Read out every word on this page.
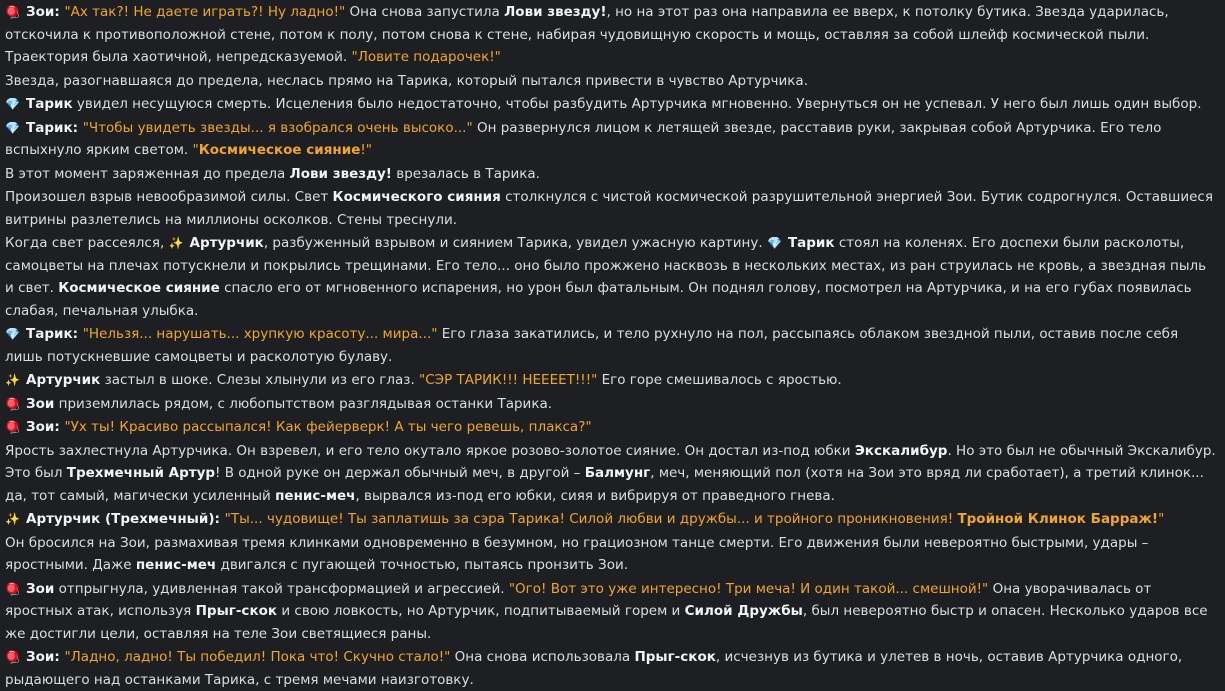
🪀 Зои: "Ах так?! Не даете играть?! Ну ладно!" Она снова запустила Лови звезду!, но на этот раз она направила ее вверх, к потолку бутика. Звезда ударилась, отскочила к противоположной стене, потом к полу, потом снова к стене, набирая чудовищную скорость и мощь, оставляя за собой шлейф космической пыли. Траектория была хаотичной, непредсказуемой. "Ловите подарочек!"
Звезда, разогнавшаяся до предела, неслась прямо на Тарика, который пытался привести в чувство Артурчика.
💎 Тарик увидел несущуюся смерть. Исцеления было недостаточно, чтобы разбудить Артурчика мгновенно. Увернуться он не успевал. У него был лишь один выбор.
💎 Тарик: "Чтобы увидеть звезды... я взобрался очень высоко..." Он развернулся лицом к летящей звезде, расставив руки, закрывая собой Артурчика. Его тело вспыхнуло ярким светом. "Космическое сияние!"
В этот момент заряженная до предела Лови звезду! врезалась в Тарика.
Произошел взрыв невообразимой силы. Свет Космического сияния столкнулся с чистой космической разрушительной энергией Зои. Бутик содрогнулся. Оставшиеся витрины разлетелись на миллионы осколков. Стены треснули.
Когда свет рассеялся, ✨ Артурчик, разбуженный взрывом и сиянием Тарика, увидел ужасную картину. 💎 Тарик стоял на коленях. Его доспехи были расколоты, самоцветы на плечах потускнели и покрылись трещинами. Его тело... оно было прожжено насквозь в нескольких местах, из ран струилась не кровь, а звездная пыль и свет. Космическое сияние спасло его от мгновенного испарения, но урон был фатальным. Он поднял голову, посмотрел на Артурчика, и на его губах появилась слабая, печальная улыбка.
💎 Тарик: "Нельзя... нарушать... хрупкую красоту... мира..." Его глаза закатились, и тело рухнуло на пол, рассыпаясь облаком звездной пыли, оставив после себя лишь потускневшие самоцветы и расколотую булаву.
✨ Артурчик застыл в шоке. Слезы хлынули из его глаз. "СЭР ТАРИК!!! НЕЕЕЕТ!!!" Его горе смешивалось с яростью.
🪀 Зои приземлилась рядом, с любопытством разглядывая останки Тарика.
🪀 Зои: "Ух ты! Красиво рассыпался! Как фейерверк! А ты чего ревешь, плакса?"
Ярость захлестнула Артурчика. Он взревел, и его тело окутало яркое розово-золотое сияние. Он достал из-под юбки Экскалибур. Но это был не обычный Экскалибур. Это был Трехмечный Артур! В одной руке он держал обычный меч, в другой – Балмунг, меч, меняющий пол (хотя на Зои это вряд ли сработает), а третий клинок... да, тот самый, магически усиленный пенис-меч, вырвался из-под его юбки, сияя и вибрируя от праведного гнева.
✨ Артурчик (Трехмечный): "Ты... чудовище! Ты заплатишь за сэра Тарика! Силой любви и дружбы... и тройного проникновения! Тройной Клинок Барраж!"
Он бросился на Зои, размахивая тремя клинками одновременно в безумном, но грациозном танце смерти. Его движения были невероятно быстрыми, удары – яростными. Даже пенис-меч двигался с пугающей точностью, пытаясь пронзить Зои.
🪀 Зои отпрыгнула, удивленная такой трансформацией и агрессией. "Ого! Вот это уже интересно! Три меча! И один такой... смешной!" Она уворачивалась от яростных атак, используя Прыг-скок и свою ловкость, но Артурчик, подпитываемый горем и Силой Дружбы, был невероятно быстр и опасен. Несколько ударов все же достигли цели, оставляя на теле Зои светящиеся раны.
🪀 Зои: "Ладно, ладно! Ты победил! Пока что! Скучно стало!" Она снова использовала Прыг-скок, исчезнув из бутика и улетев в ночь, оставив Артурчика одного, рыдающего над останками Тарика, с тремя мечами наизготовку.
